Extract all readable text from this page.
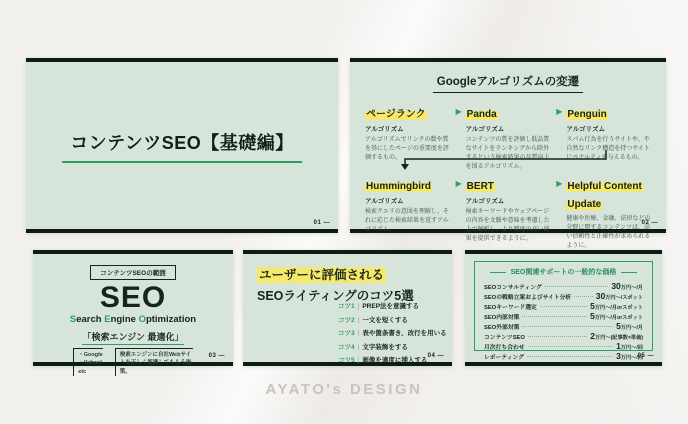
コンテンツSEO【基礎編】
01 —
Googleアルゴリズムの変遷
ページランク
アルゴリズム
アルゴリズムでリンクの数や質を基にしたページの重要度を評価するもの。
▶ Panda
アルゴリズム
コンテンツの質を評価し低品質なサイトをランキングから除外するという検索結果の品質向上を図るアルゴリズム。
▶ Penguin
アルゴリズム
スパム行為を行うサイトや、不自然なリンク構造を持つサイトにペナルティを与えるもの。
Hummingbird
アルゴリズム
検索クエリの意図を理解し、それに応じた検索結果を返すアルゴリズム。
▶ BERT
アルゴリズム
検索キーワードやウェブページの内容を文脈や意味を考慮した上で解析し、より精度の高い結果を提供できるように。
▶ Helpful Content Update
健康や医療、金融、法律などの分野に関するコンテンツは、高い信頼性と正確性が求められるように。
02 —
コンテンツSEOの範囲
SEO
Search Engine Optimization
「検索エンジン 最適化」
・Google
・Yahoo!
etc
検索エンジンに自社Webサイトを正しく認識してもらう施策。
03 —
ユーザーに評価される
SEOライティングのコツ5選
コツ1 | PREP法を意識する
コツ2 | 一文を短くする
コツ3 | 表や箇条書き、改行を用いる
コツ4 | 文字装飾をする
コツ5 | 画像を適度に挿入する
04 —
SEO関連サポートの一般的な価格
SEOコンサルティング	30 万円〜/月
SEOの戦略立案およびサイト分析	30 万円〜/スポット
SEOキーワード選定	5 万円〜/月orスポット
SEO内部対策	5 万円〜/月orスポット
SEO外部対策	5 万円〜/月
コンテンツSEO	2 万円〜(記事数×単価)
月次打ち合わせ	1 万円〜/回
レポーティング	3 万円〜/回
05 —
AYATO's DESIGN
